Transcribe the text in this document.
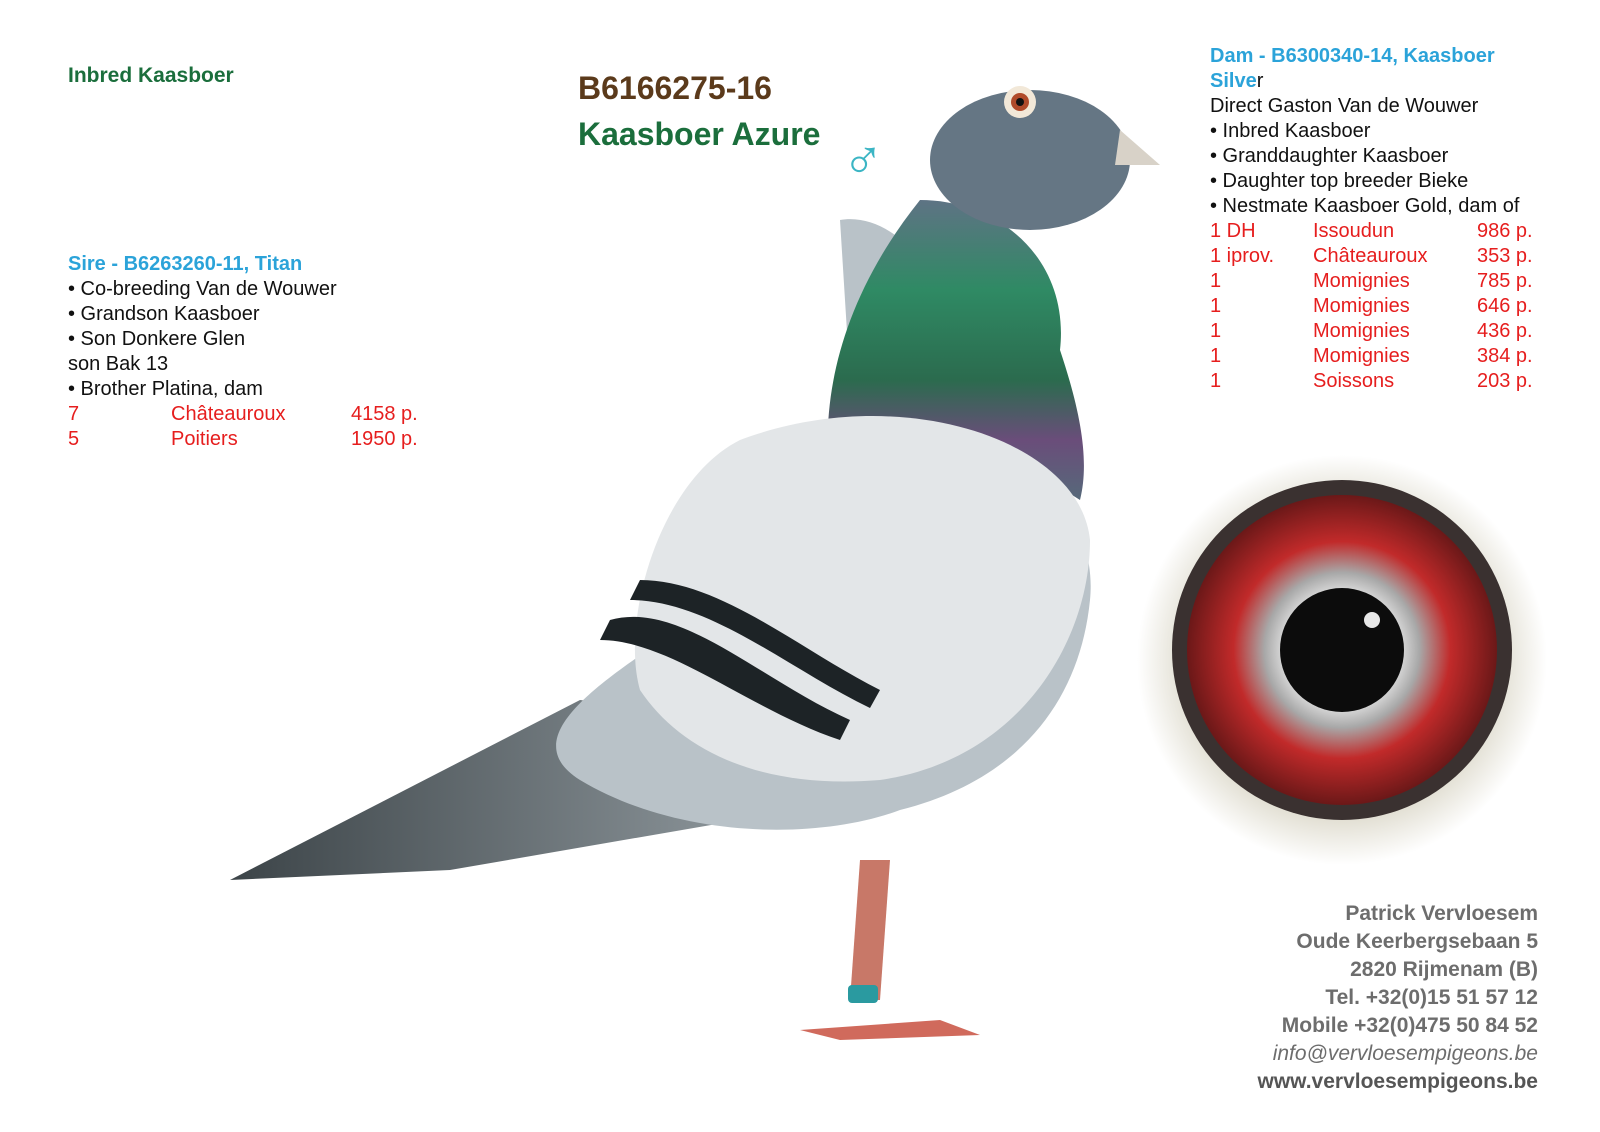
Inbred Kaasboer	B6166275-16
Kaasboer Azure ♂
Sire - B6263260-11, Titan
• Co-breeding Van de Wouwer
• Grandson Kaasboer
• Son Donkere Glen
son Bak 13
• Brother Platina, dam
7	Châteauroux	4158 p.
5	Poitiers	1950 p.
Dam - B6300340-14, Kaasboer
Silver
Direct Gaston Van de Wouwer
• Inbred Kaasboer
• Granddaughter Kaasboer
• Daughter top breeder Bieke
• Nestmate Kaasboer Gold, dam of
1 DH	Issoudun	986 p.
1 iprov.	Châteauroux	353 p.
1	Momignies	785 p.
1	Momignies	646 p.
1	Momignies	436 p.
1	Momignies	384 p.
1	Soissons	203 p.
Patrick Vervloesem
Oude Keerbergsebaan 5
2820 Rijmenam (B)
Tel. +32(0)15 51 57 12
Mobile +32(0)475 50 84 52
info@vervloesempigeons.be
www.vervloesempigeons.be
